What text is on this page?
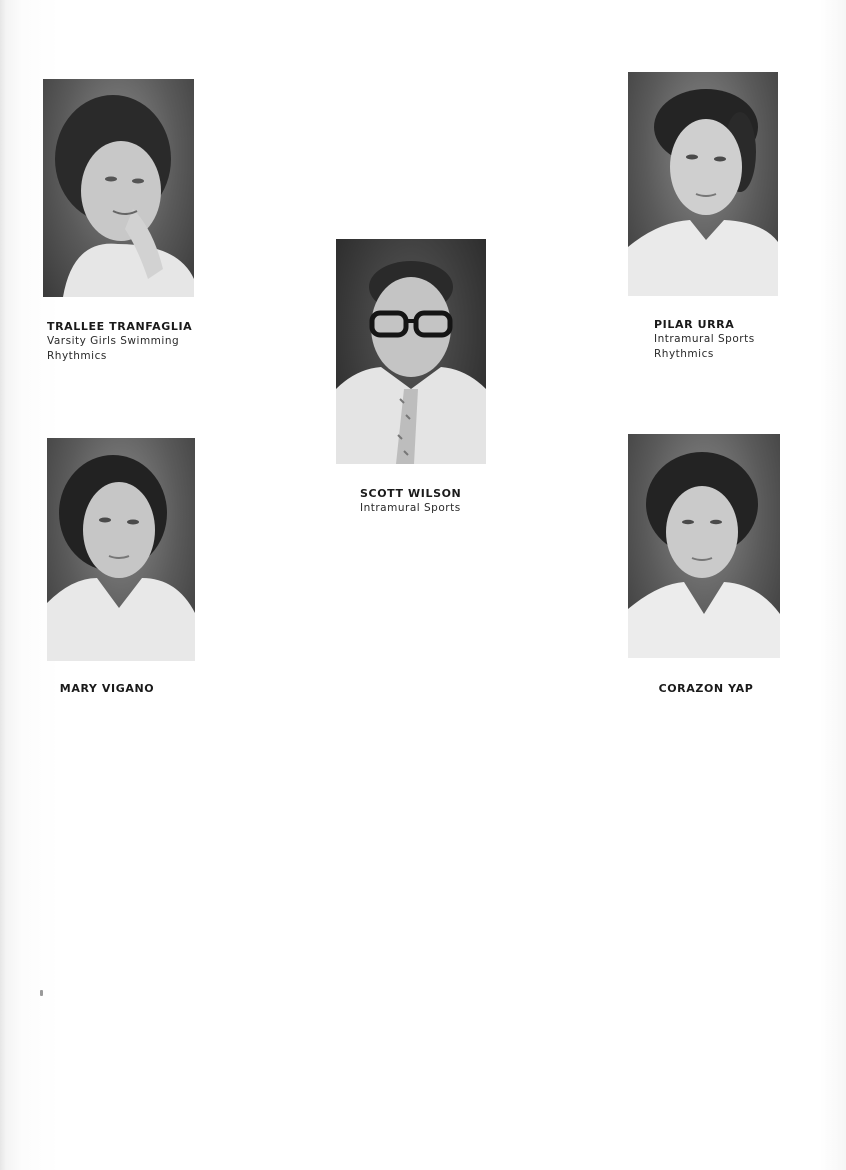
TRALLEE TRANFAGLIA
Varsity Girls Swimming
Rhythmics
SCOTT WILSON
Intramural Sports
PILAR URRA
Intramural Sports
Rhythmics
MARY VIGANO	CORAZON YAP
